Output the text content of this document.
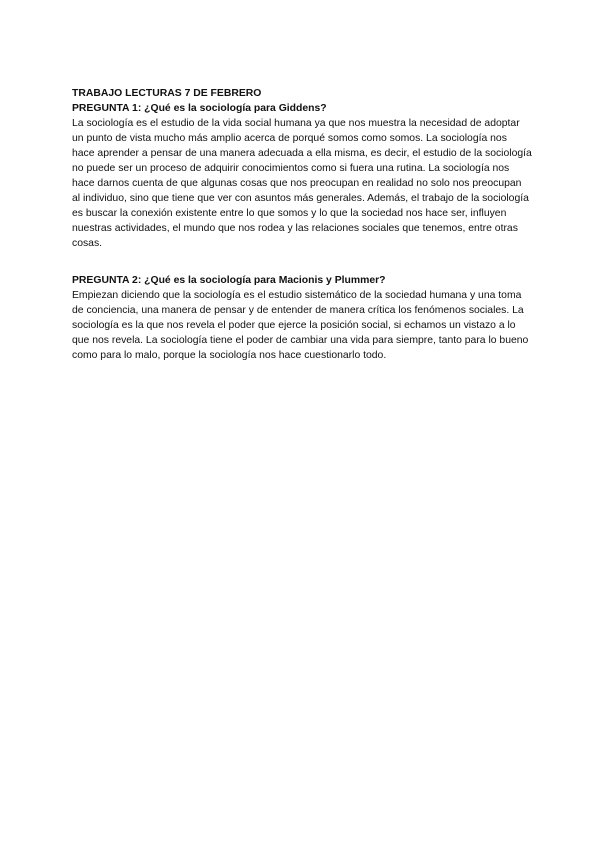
TRABAJO LECTURAS 7 DE FEBRERO

PREGUNTA 1: ¿Qué es la sociología para Giddens?

La sociología es el estudio de la vida social humana ya que nos muestra la necesidad de adoptar un punto de vista mucho más amplio acerca de porqué somos como somos. La sociología nos hace aprender a pensar de una manera adecuada a ella misma, es decir, el estudio de la sociología no puede ser un proceso de adquirir conocimientos como si fuera una rutina. La sociología nos hace darnos cuenta de que algunas cosas que nos preocupan en realidad no solo nos preocupan al individuo, sino que tiene que ver con asuntos más generales. Además, el trabajo de la sociología es buscar la conexión existente entre lo que somos y lo que la sociedad nos hace ser, influyen nuestras actividades, el mundo que nos rodea y las relaciones sociales que tenemos, entre otras cosas.

PREGUNTA 2: ¿Qué es la sociología para Macionis y Plummer?

Empiezan diciendo que la sociología es el estudio sistemático de la sociedad humana y una toma de conciencia, una manera de pensar y de entender de manera crítica los fenómenos sociales. La sociología es la que nos revela el poder que ejerce la posición social, si echamos un vistazo a lo que nos revela. La sociología tiene el poder de cambiar una vida para siempre, tanto para lo bueno como para lo malo, porque la sociología nos hace cuestionarlo todo.
